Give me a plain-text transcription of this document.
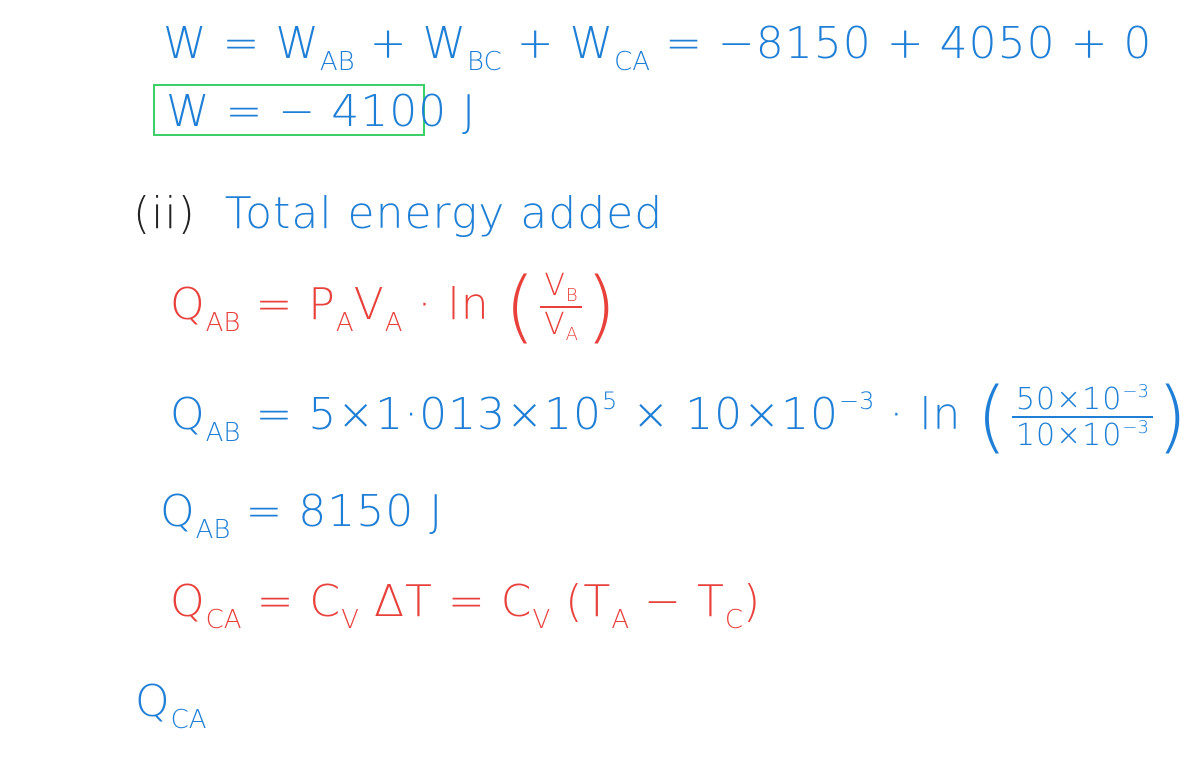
$W = W_{AB} + W_{BC} + W_{CA} = -8150 + 4050 + 0$
W = − 4100 J
(ii) Total energy added
$Q_{AB} = P_AV_A \cdot \ln$ ( $\frac{V_B}{V_A}$ )
$Q_{AB} = 5\times 1\cdot 013\times 10^5 \times 10\times 10^{-3} \cdot \ln$ ( $\frac{50\times 10^{-3}}{10\times 10^{-3}}$ )
$Q_{AB} = 8150$ J
$Q_{CA} = C_V$ $\Delta T = C_V$ $(T_A - T_C)$
$Q_{CA}$
